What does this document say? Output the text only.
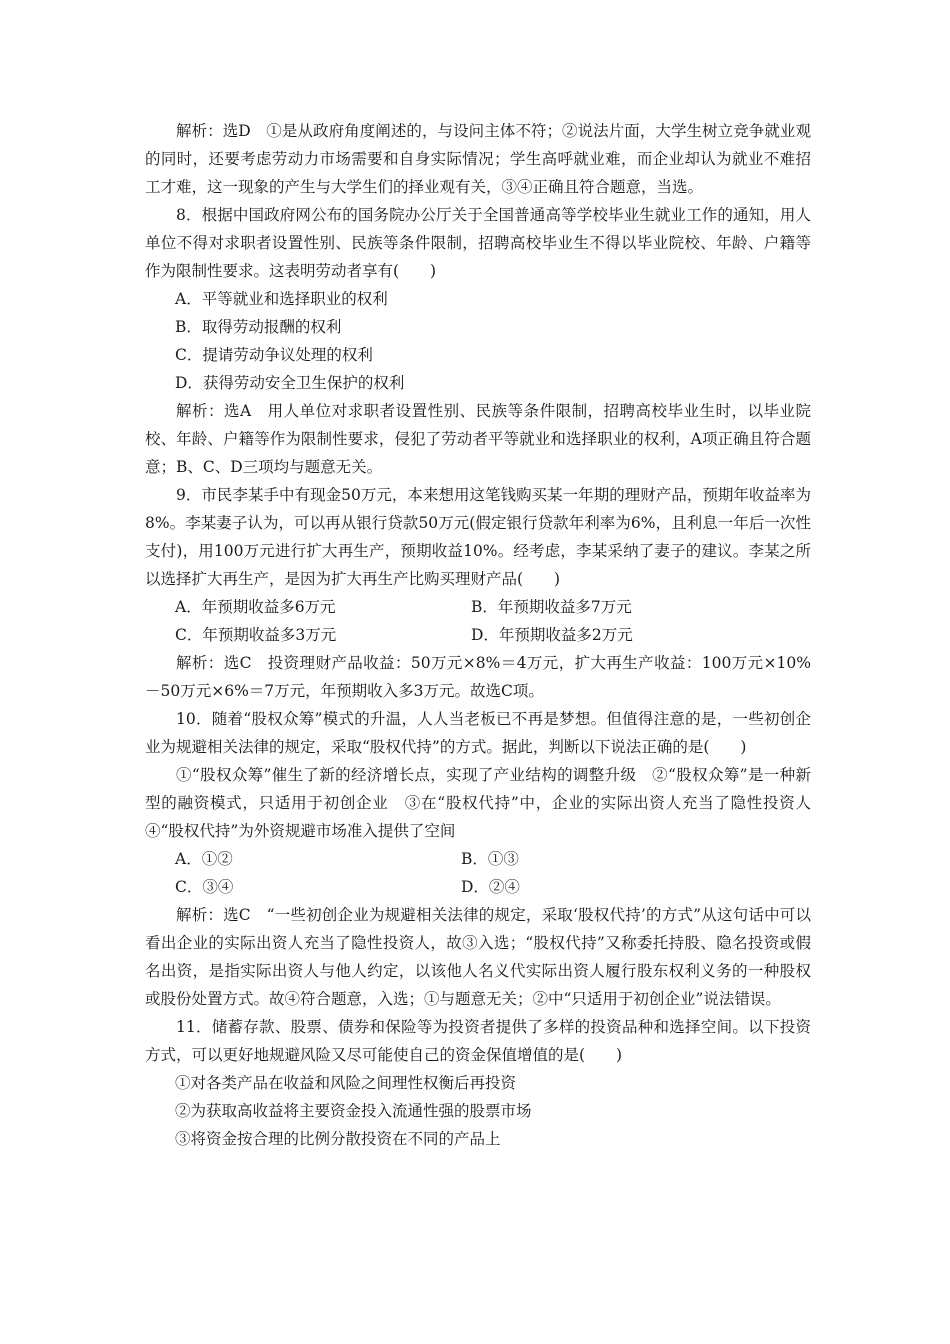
解析：选D　①是从政府角度阐述的，与设问主体不符；②说法片面，大学生树立竞争就业观的同时，还要考虑劳动力市场需要和自身实际情况；学生高呼就业难，而企业却认为就业不难招工才难，这一现象的产生与大学生们的择业观有关，③④正确且符合题意，当选。

8．根据中国政府网公布的国务院办公厅关于全国普通高等学校毕业生就业工作的通知，用人单位不得对求职者设置性别、民族等条件限制，招聘高校毕业生不得以毕业院校、年龄、户籍等作为限制性要求。这表明劳动者享有(　　)

A．平等就业和选择职业的权利

B．取得劳动报酬的权利

C．提请劳动争议处理的权利

D．获得劳动安全卫生保护的权利

解析：选A　用人单位对求职者设置性别、民族等条件限制，招聘高校毕业生时，以毕业院校、年龄、户籍等作为限制性要求，侵犯了劳动者平等就业和选择职业的权利，A项正确且符合题意；B、C、D三项均与题意无关。

9．市民李某手中有现金50万元，本来想用这笔钱购买某一年期的理财产品，预期年收益率为8%。李某妻子认为，可以再从银行贷款50万元(假定银行贷款年利率为6%，且利息一年后一次性支付)，用100万元进行扩大再生产，预期收益10%。经考虑，李某采纳了妻子的建议。李某之所以选择扩大再生产，是因为扩大再生产比购买理财产品(　　)

A．年预期收益多6万元	B．年预期收益多7万元
C．年预期收益多3万元	D．年预期收益多2万元

解析：选C　投资理财产品收益：50万元×8%＝4万元，扩大再生产收益：100万元×10%－50万元×6%＝7万元，年预期收入多3万元。故选C项。

10．随着“股权众筹”模式的升温，人人当老板已不再是梦想。但值得注意的是，一些初创企业为规避相关法律的规定，采取“股权代持”的方式。据此，判断以下说法正确的是(　　)

①“股权众筹”催生了新的经济增长点，实现了产业结构的调整升级　②“股权众筹”是一种新型的融资模式，只适用于初创企业　③在“股权代持”中，企业的实际出资人充当了隐性投资人　④“股权代持”为外资规避市场准入提供了空间

A．①②	B．①③
C．③④	D．②④

解析：选C　“一些初创企业为规避相关法律的规定，采取‘股权代持’的方式”从这句话中可以看出企业的实际出资人充当了隐性投资人，故③入选；“股权代持”又称委托持股、隐名投资或假名出资，是指实际出资人与他人约定，以该他人名义代实际出资人履行股东权利义务的一种股权或股份处置方式。故④符合题意，入选；①与题意无关；②中“只适用于初创企业”说法错误。

11．储蓄存款、股票、债券和保险等为投资者提供了多样的投资品种和选择空间。以下投资方式，可以更好地规避风险又尽可能使自己的资金保值增值的是(　　)

①对各类产品在收益和风险之间理性权衡后再投资

②为获取高收益将主要资金投入流通性强的股票市场

③将资金按合理的比例分散投资在不同的产品上
